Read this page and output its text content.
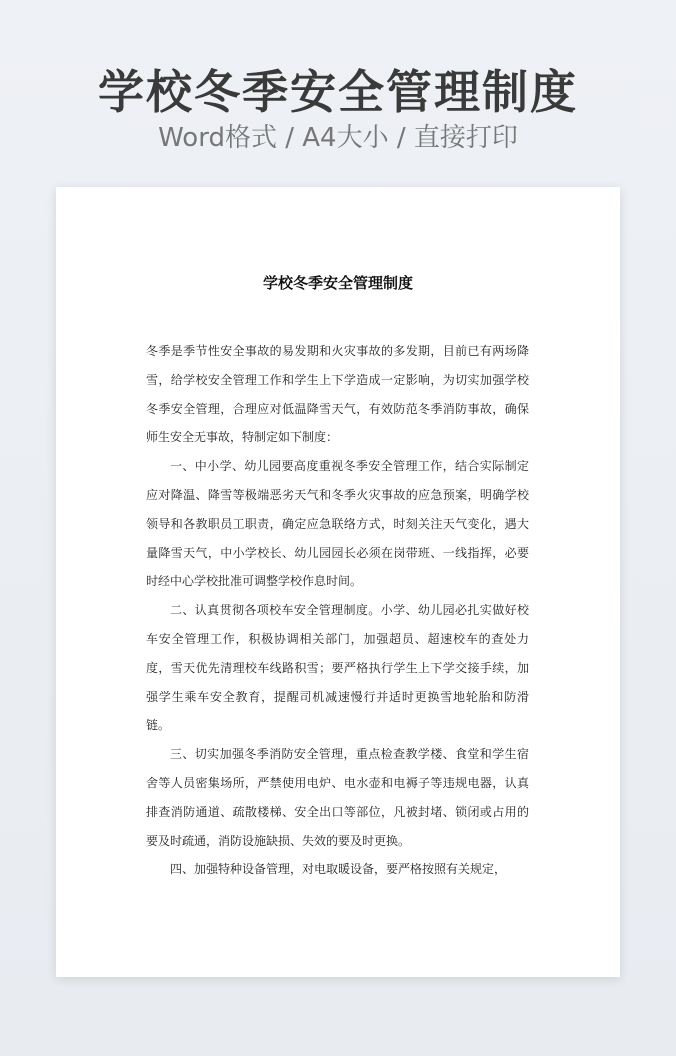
学校冬季安全管理制度
Word格式 / A4大小 / 直接打印
学校冬季安全管理制度

冬季是季节性安全事故的易发期和火灾事故的多发期，目前已有两场降雪，给学校安全管理工作和学生上下学造成一定影响，为切实加强学校冬季安全管理，合理应对低温降雪天气，有效防范冬季消防事故，确保师生安全无事故，特制定如下制度：

一、中小学、幼儿园要高度重视冬季安全管理工作，结合实际制定应对降温、降雪等极端恶劣天气和冬季火灾事故的应急预案，明确学校领导和各教职员工职责，确定应急联络方式，时刻关注天气变化，遇大量降雪天气，中小学校长、幼儿园园长必须在岗带班、一线指挥，必要时经中心学校批准可调整学校作息时间。

二、认真贯彻各项校车安全管理制度。小学、幼儿园必扎实做好校车安全管理工作，积极协调相关部门，加强超员、超速校车的查处力度，雪天优先清理校车线路积雪；要严格执行学生上下学交接手续，加强学生乘车安全教育，提醒司机减速慢行并适时更换雪地轮胎和防滑链。

三、切实加强冬季消防安全管理，重点检查教学楼、食堂和学生宿舍等人员密集场所，严禁使用电炉、电水壶和电褥子等违规电器，认真排查消防通道、疏散楼梯、安全出口等部位，凡被封堵、锁闭或占用的要及时疏通，消防设施缺损、失效的要及时更换。

四、加强特种设备管理，对电取暖设备，要严格按照有关规定，
